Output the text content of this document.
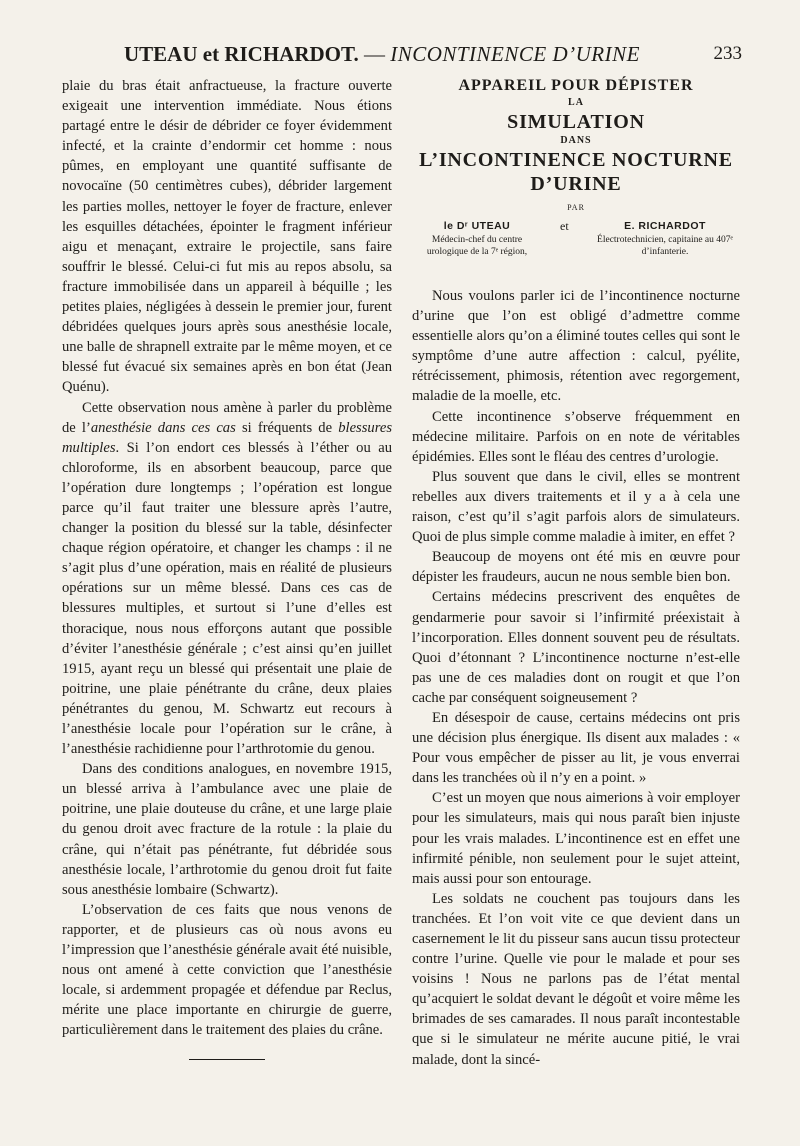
UTEAU et RICHARDOT. — INCONTINENCE D’URINE	233

plaie du bras était anfractueuse, la fracture ouverte exigeait une intervention immédiate. Nous étions partagé entre le désir de débrider ce foyer évidemment infecté, et la crainte d’endormir cet homme : nous pûmes, en employant une quantité suffisante de novocaïne (50 centimètres cubes), débrider largement les parties molles, nettoyer le foyer de fracture, enlever les esquilles détachées, épointer le fragment inférieur aigu et menaçant, extraire le projectile, sans faire souffrir le blessé. Celui-ci fut mis au repos absolu, sa fracture immobilisée dans un appareil à béquille ; les petites plaies, négligées à dessein le premier jour, furent débridées quelques jours après sous anesthésie locale, une balle de shrapnell extraite par le même moyen, et ce blessé fut évacué six semaines après en bon état (Jean Quénu).

Cette observation nous amène à parler du problème de l’anesthésie dans ces cas si fréquents de blessures multiples. Si l’on endort ces blessés à l’éther ou au chloroforme, ils en absorbent beaucoup, parce que l’opération dure longtemps ; l’opération est longue parce qu’il faut traiter une blessure après l’autre, changer la position du blessé sur la table, désinfecter chaque région opératoire, et changer les champs : il ne s’agit plus d’une opération, mais en réalité de plusieurs opérations sur un même blessé. Dans ces cas de blessures multiples, et surtout si l’une d’elles est thoracique, nous nous efforçons autant que possible d’éviter l’anesthésie générale ; c’est ainsi qu’en juillet 1915, ayant reçu un blessé qui présentait une plaie de poitrine, une plaie pénétrante du crâne, deux plaies pénétrantes du genou, M. Schwartz eut recours à l’anesthésie locale pour l’opération sur le crâne, à l’anesthésie rachidienne pour l’arthrotomie du genou.

Dans des conditions analogues, en novembre 1915, un blessé arriva à l’ambulance avec une plaie de poitrine, une plaie douteuse du crâne, et une large plaie du genou droit avec fracture de la rotule : la plaie du crâne, qui n’était pas pénétrante, fut débridée sous anesthésie locale, l’arthrotomie du genou droit fut faite sous anesthésie lombaire (Schwartz).

L’observation de ces faits que nous venons de rapporter, et de plusieurs cas où nous avons eu l’impression que l’anesthésie générale avait été nuisible, nous ont amené à cette conviction que l’anesthésie locale, si ardemment propagée et défendue par Reclus, mérite une place importante en chirurgie de guerre, particulièrement dans le traitement des plaies du crâne.

APPAREIL POUR DÉPISTER
LA
SIMULATION
DANS
L’INCONTINENCE NOCTURNE
D’URINE
PAR
le Dʳ UTEAU
Médecin-chef du centre urologique de la 7ᵉ région,
et	E. RICHARDOT
Électrotechnicien, capitaine au 407ᵉ d’infanterie.

Nous voulons parler ici de l’incontinence nocturne d’urine que l’on est obligé d’admettre comme essentielle alors qu’on a éliminé toutes celles qui sont le symptôme d’une autre affection : calcul, pyélite, rétrécissement, phimosis, rétention avec regorgement, maladie de la moelle, etc.

Cette incontinence s’observe fréquemment en médecine militaire. Parfois on en note de véritables épidémies. Elles sont le fléau des centres d’urologie.

Plus souvent que dans le civil, elles se montrent rebelles aux divers traitements et il y a à cela une raison, c’est qu’il s’agit parfois alors de simulateurs. Quoi de plus simple comme maladie à imiter, en effet ?

Beaucoup de moyens ont été mis en œuvre pour dépister les fraudeurs, aucun ne nous semble bien bon.

Certains médecins prescrivent des enquêtes de gendarmerie pour savoir si l’infirmité préexistait à l’incorporation. Elles donnent souvent peu de résultats. Quoi d’étonnant ? L’incontinence nocturne n’est-elle pas une de ces maladies dont on rougit et que l’on cache par conséquent soigneusement ?

En désespoir de cause, certains médecins ont pris une décision plus énergique. Ils disent aux malades : « Pour vous empêcher de pisser au lit, je vous enverrai dans les tranchées où il n’y en a point. »

C’est un moyen que nous aimerions à voir employer pour les simulateurs, mais qui nous paraît bien injuste pour les vrais malades. L’incontinence est en effet une infirmité pénible, non seulement pour le sujet atteint, mais aussi pour son entourage.

Les soldats ne couchent pas toujours dans les tranchées. Et l’on voit vite ce que devient dans un casernement le lit du pisseur sans aucun tissu protecteur contre l’urine. Quelle vie pour le malade et pour ses voisins ! Nous ne parlons pas de l’état mental qu’acquiert le soldat devant le dégoût et voire même les brimades de ses camarades. Il nous paraît incontestable que si le simulateur ne mérite aucune pitié, le vrai malade, dont la sincé-
